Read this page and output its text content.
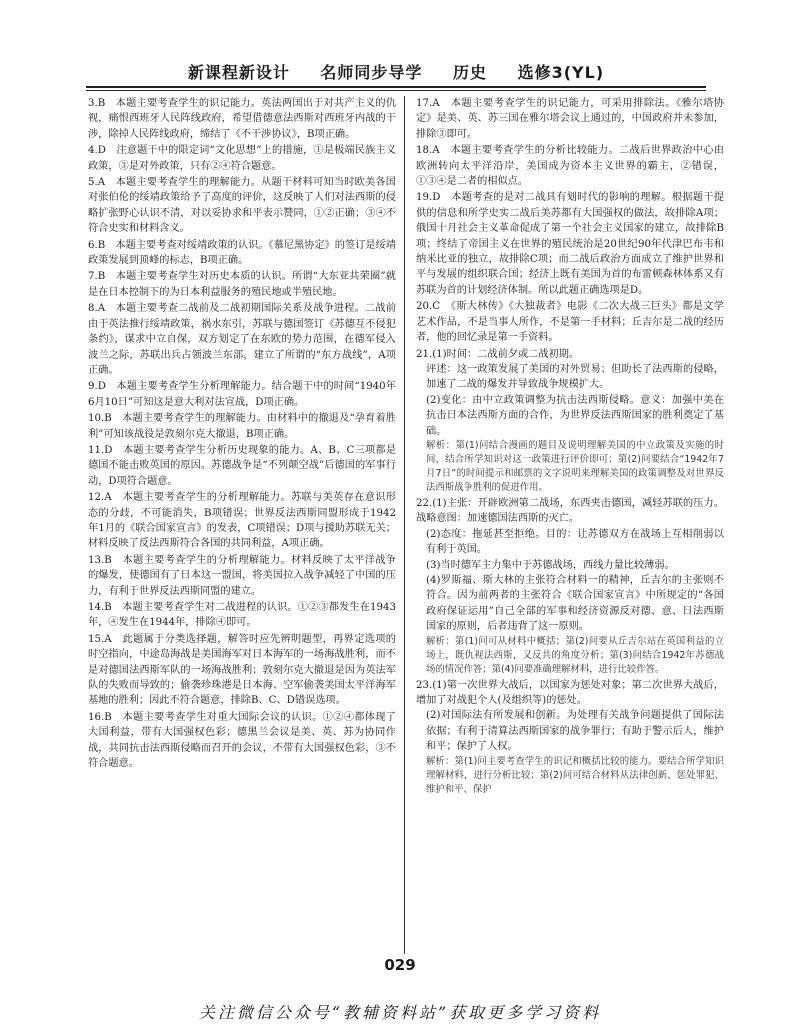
新课程新设计 名师同步导学 历史 选修3(YL)

3.B　本题主要考查学生的识记能力。英法两国出于对共产主义的仇视，痛恨西班牙人民阵线政府，希望借德意法西斯对西班牙内战的干涉，除掉人民阵线政府，缔结了《不干涉协议》，B项正确。

4.D　注意题干中的限定词“文化思想”上的措施，①是极端民族主义政策，③是对外政策，只有②④符合题意。

5.A　本题主要考查学生的理解能力。从题干材料可知当时欧美各国对张伯伦的绥靖政策给予了高度的评价，这反映了人们对法西斯的侵略扩张野心认识不清，对以妥协求和平表示赞同，①②正确；③④不符合史实和材料含义。

6.B　本题主要考查对绥靖政策的认识。《慕尼黑协定》的签订是绥靖政策发展到顶峰的标志，B项正确。

7.B　本题主要考查学生对历史本质的认识。所谓“大东亚共荣圈”就是在日本控制下的为日本利益服务的殖民地或半殖民地。

8.A　本题主要考查二战前及二战初期国际关系及战争进程。二战前由于英法推行绥靖政策，祸水东引，苏联与德国签订《苏德互不侵犯条约》，谋求中立自保，双方划定了在东欧的势力范围，在德军侵入波兰之际，苏联出兵占领波兰东部，建立了所谓的“东方战线”，A项正确。

9.D　本题主要考查学生分析理解能力。结合题干中的时间“1940年6月10日”可知这是意大利对法宣战，D项正确。

10.B　本题主要考查学生的理解能力。由材料中的撤退及“孕育着胜利”可知该战役是敦刻尔克大撤退，B项正确。

11.D　本题主要考查学生分析历史现象的能力。A、B、C三项都是德国不能击败英国的原因。苏德战争是“不列颠空战”后德国的军事行动，D项符合题意。

12.A　本题主要考查学生的分析理解能力。苏联与美英存在意识形态的分歧，不可能消失，B项错误；世界反法西斯同盟形成于1942年1月的《联合国家宣言》的发表，C项错误；D项与援助苏联无关；材料反映了反法西斯符合各国的共同利益，A项正确。

13.B　本题主要考查学生的分析理解能力。材料反映了太平洋战争的爆发，使德国有了日本这一盟国，将美国拉入战争减轻了中国的压力，有利于世界反法西斯同盟的建立。

14.B　本题主要考查学生对二战进程的认识。①②③都发生在1943年，④发生在1944年，排除④即可。

15.A　此题属于分类选择题，解答时应先辨明题型，再界定选项的时空指向，中途岛海战是美国海军对日本海军的一场海战胜利，而不是对德国法西斯军队的一场海战胜利；敦刻尔克大撤退是因为英法军队的失败而导致的；偷袭珍珠港是日本海、空军偷袭美国太平洋海军基地的胜利；因此不符合题意，排除B、C、D错误选项。

16.B　本题主要考查学生对重大国际会议的认识。①②④都体现了大国利益，带有大国强权色彩；德黑兰会议是美、英、苏为协同作战，共同抗击法西斯侵略而召开的会议，不带有大国强权色彩，③不符合题意。

17.A　本题主要考查学生的识记能力，可采用排除法。《雅尔塔协定》是美、英、苏三国在雅尔塔会议上通过的，中国政府并未参加，排除③即可。

18.A　本题主要考查学生的分析比较能力。二战后世界政治中心由欧洲转向太平洋沿岸，美国成为资本主义世界的霸主，②错误，①③④是二者的相似点。

19.D　本题考查的是对二战具有划时代的影响的理解。根据题干提供的信息和所学史实二战后美苏都有大国强权的做法，故排除A项；俄国十月社会主义革命促成了第一个社会主义国家的建立，故排除B项；终结了帝国主义在世界的殖民统治是20世纪90年代津巴布韦和纳米比亚的独立，故排除C项；而二战后政治方面成立了维护世界和平与发展的组织联合国；经济上既有美国为首的布雷顿森林体系又有苏联为首的计划经济体制。所以此题正确选项是D。

20.C　《斯大林传》《大独裁者》电影《二次大战三巨头》都是文学艺术作品，不是当事人所作，不是第一手材料；丘吉尔是二战的经历者，他的回忆录是第一手资料。

21.(1)时间：二战前夕或二战初期。

评述：这一政策发展了美国的对外贸易；但助长了法西斯的侵略，加速了二战的爆发并导致战争规模扩大。

(2)变化：由中立政策调整为抗击法西斯侵略。意义：加强中美在抗击日本法西斯方面的合作，为世界反法西斯国家的胜利奠定了基础。

解析：第(1)问结合漫画的题目及说明理解美国的中立政策及实施的时间，结合所学知识对这一政策进行评价即可；第(2)问要结合“1942年7月7日”的时间提示和邮票的文字说明来理解美国的政策调整及对世界反法西斯战争胜利的促进作用。

22.(1)主张：开辟欧洲第二战场，东西夹击德国，减轻苏联的压力。战略意图：加速德国法西斯的灭亡。

(2)态度：拖延甚至拒绝。目的：让苏德双方在战场上互相削弱以有利于英国。

(3)当时德军主力集中于苏德战场，西线力量比较薄弱。

(4)罗斯福、斯大林的主张符合材料一的精神，丘吉尔的主张则不符合。因为前两者的主张符合《联合国家宣言》中所规定的“各国政府保证运用”自己全部的军事和经济资源反对德、意、日法西斯国家的原则，后者违背了这一原则。

解析：第(1)问可从材料中概括；第(2)问要从丘吉尔站在英国利益的立场上，既仇视法西斯，又反共的角度分析；第(3)问结合1942年苏德战场的情况作答；第(4)问要准确理解材料，进行比较作答。

23.(1)第一次世界大战后，以国家为惩处对象；第二次世界大战后，增加了对战犯个人(及组织等)的惩处。

(2)对国际法有所发展和创新。为处理有关战争问题提供了国际法依据；有利于清算法西斯国家的战争罪行；有助于警示后人，维护和平；保护了人权。

解析：第(1)问主要考查学生的识记和概括比较的能力。要结合所学知识理解材料，进行分析比较；第(2)问可结合材料从法律创新、惩处罪犯、维护和平、保护

029
关注微信公众号“教辅资料站”获取更多学习资料
